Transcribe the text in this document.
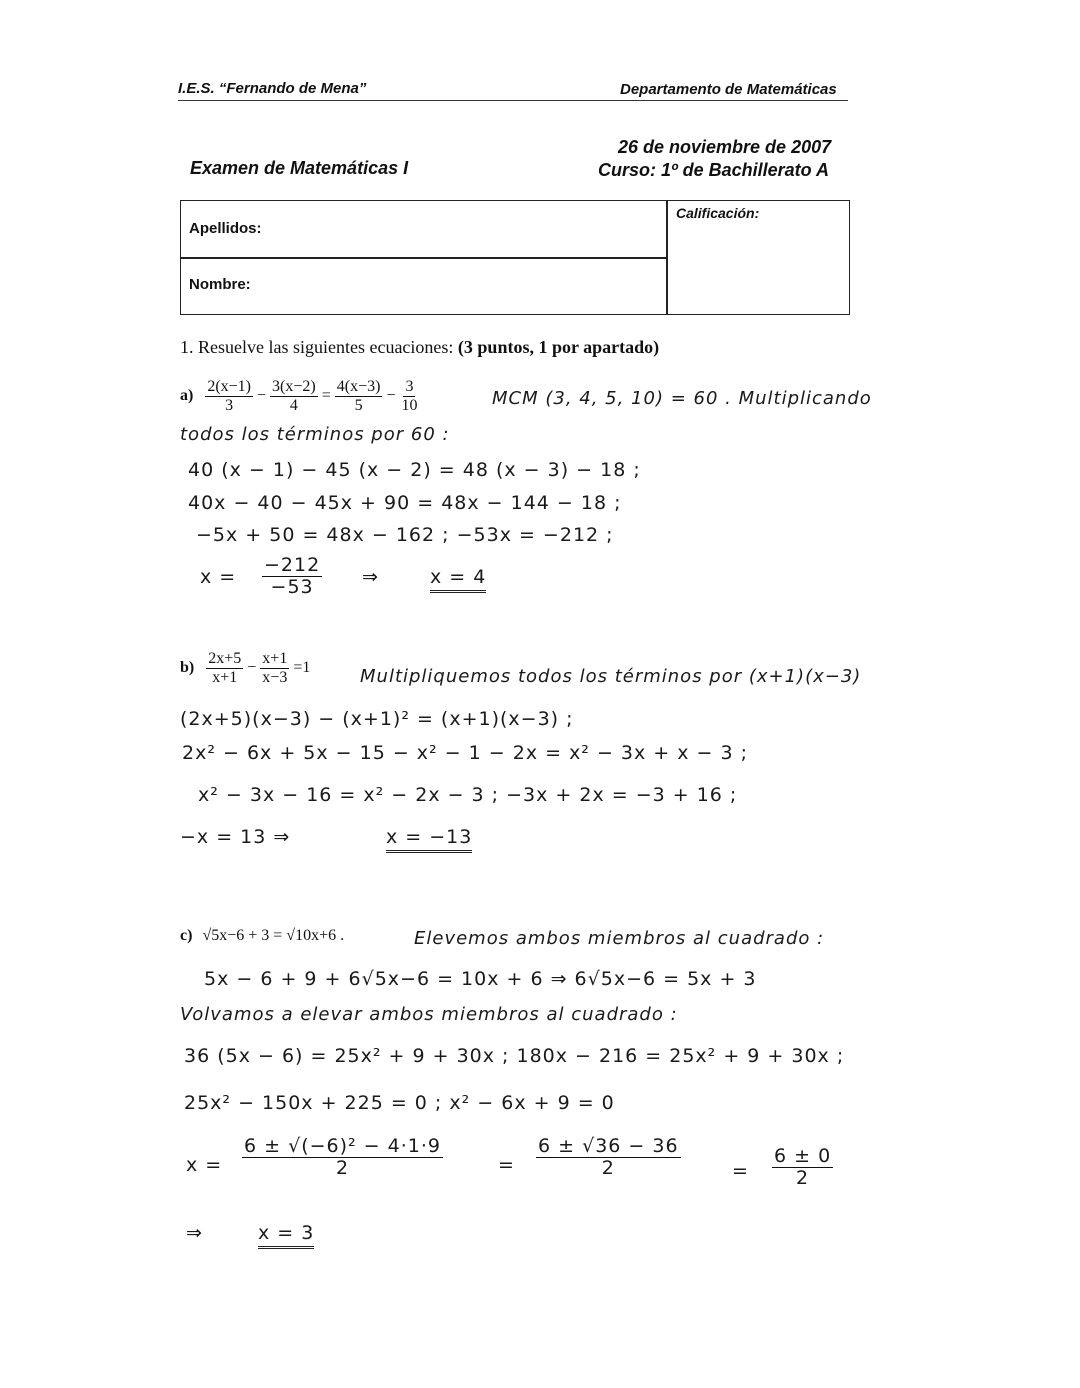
I.E.S. “Fernando de Mena”	Departamento de Matemáticas
Examen de Matemáticas I
26 de noviembre de 2007
Curso: 1º de Bachillerato A
Apellidos:
Nombre:
Calificación:
1. Resuelve las siguientes ecuaciones: (3 puntos, 1 por apartado)
$a) \frac{2(x-1)}{3} - \frac{3(x-2)}{4} = \frac{4(x-3)}{5} - \frac{3}{10}$	MCM (3, 4, 5, 10) = 60 . Multiplicando
todos los términos por 60 :
40 (x − 1) − 45 (x − 2) = 48 (x − 3) − 18 ;
40x − 40 − 45x + 90 = 48x − 144 − 18 ;
−5x + 50 = 48x − 162 ; −53x = −212 ;
$x = \frac{-212}{-53}$ ⇒	x = 4
$b) \frac{2x+5}{x+1} - \frac{x+1}{x-3} =1$	Multipliquemos todos los términos por (x+1)(x−3)
(2x+5)(x−3) − (x+1)² = (x+1)(x−3) ;
2x² − 6x + 5x − 15 − x² − 1 − 2x = x² − 3x + x − 3 ;
x² − 3x − 16 = x² − 2x − 3 ; −3x + 2x = −3 + 16 ;
−x = 13 ⇒	x = −13
c) √5x−6 + 3 = √10x+6 .	Elevemos ambos miembros al cuadrado :
5x − 6 + 9 + 6√5x−6 = 10x + 6 ⇒ 6√5x−6 = 5x + 3
Volvamos a elevar ambos miembros al cuadrado :
36 (5x − 6) = 25x² + 9 + 30x ; 180x − 216 = 25x² + 9 + 30x ;
25x² − 150x + 225 = 0 ; x² − 6x + 9 = 0
$x = \frac{\text{6 ± √(−6)² − 4·1·9}}{2}$	= $\frac{6 \pm √36 - 36}{2}$	= $\frac{6 \pm 0}{2}$
⇒	x = 3
